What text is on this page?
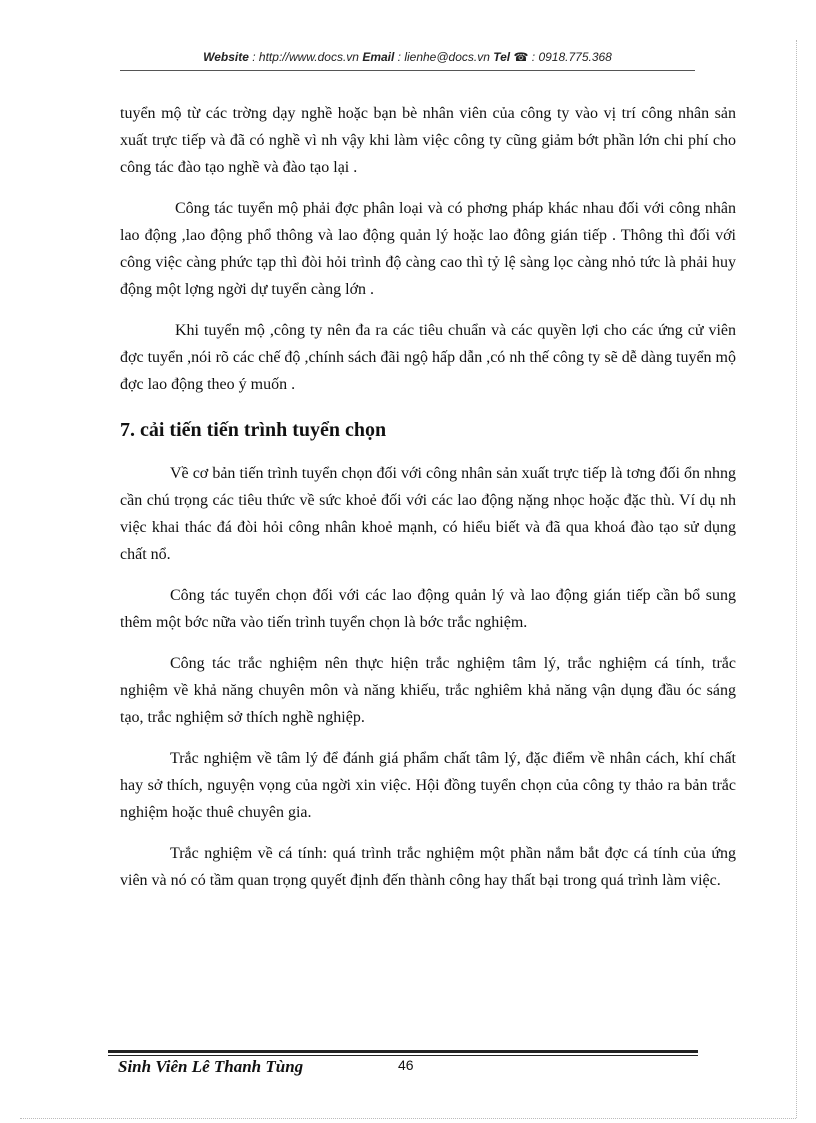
Website : http://www.docs.vn Email : lienhe@docs.vn Tel ☎ : 0918.775.368

tuyển mộ từ các trờng dạy nghề hoặc bạn bè nhân viên của công ty vào vị trí công nhân sản xuất trực tiếp và đã có nghề vì nh vậy khi làm việc công ty cũng giảm bớt phần lớn chi phí cho công tác đào tạo nghề và đào tạo lại .

Công tác tuyển mộ phải đợc phân loại và có phơng pháp khác nhau đối với công nhân lao động ,lao động phổ thông và lao động quản lý hoặc lao đông gián tiếp . Thông thì đối với công việc càng phức tạp thì đòi hỏi trình độ càng cao thì tỷ lệ sàng lọc càng nhỏ tức là phải huy động một lợng ngời dự tuyển càng lớn .

Khi tuyển mộ ,công ty nên đa ra các tiêu chuẩn và các quyền lợi cho các ứng cử viên đợc tuyển ,nói rõ các chế độ ,chính sách đãi ngộ hấp dẫn ,có nh thế công ty sẽ dễ dàng tuyển mộ đợc lao động theo ý muốn .

7. cải tiến tiến trình tuyển chọn

Về cơ bản tiến trình tuyển chọn đối với công nhân sản xuất trực tiếp là tơng đối ổn nhng cần chú trọng các tiêu thức về sức khoẻ đối với các lao động nặng nhọc hoặc đặc thù. Ví dụ nh việc khai thác đá đòi hỏi công nhân khoẻ mạnh, có hiểu biết và đã qua khoá đào tạo sử dụng chất nổ.

Công tác tuyển chọn đối với các lao động quản lý và lao động gián tiếp cần bổ sung thêm một bớc nữa vào tiến trình tuyển chọn là bớc trắc nghiệm.

Công tác trắc nghiệm nên thực hiện trắc nghiệm tâm lý, trắc nghiệm cá tính, trắc nghiệm về khả năng chuyên môn và năng khiếu, trắc nghiêm khả năng vận dụng đầu óc sáng tạo, trắc nghiệm sở thích nghề nghiệp.

Trắc nghiệm về tâm lý để đánh giá phẩm chất tâm lý, đặc điểm về nhân cách, khí chất hay sở thích, nguyện vọng của ngời xin việc. Hội đồng tuyển chọn của công ty thảo ra bản trắc nghiệm hoặc thuê chuyên gia.

Trắc nghiệm về cá tính: quá trình trắc nghiệm một phần nắm bắt đợc cá tính của ứng viên và nó có tầm quan trọng quyết định đến thành công hay thất bại trong quá trình làm việc.

Sinh Viên Lê Thanh Tùng	46
